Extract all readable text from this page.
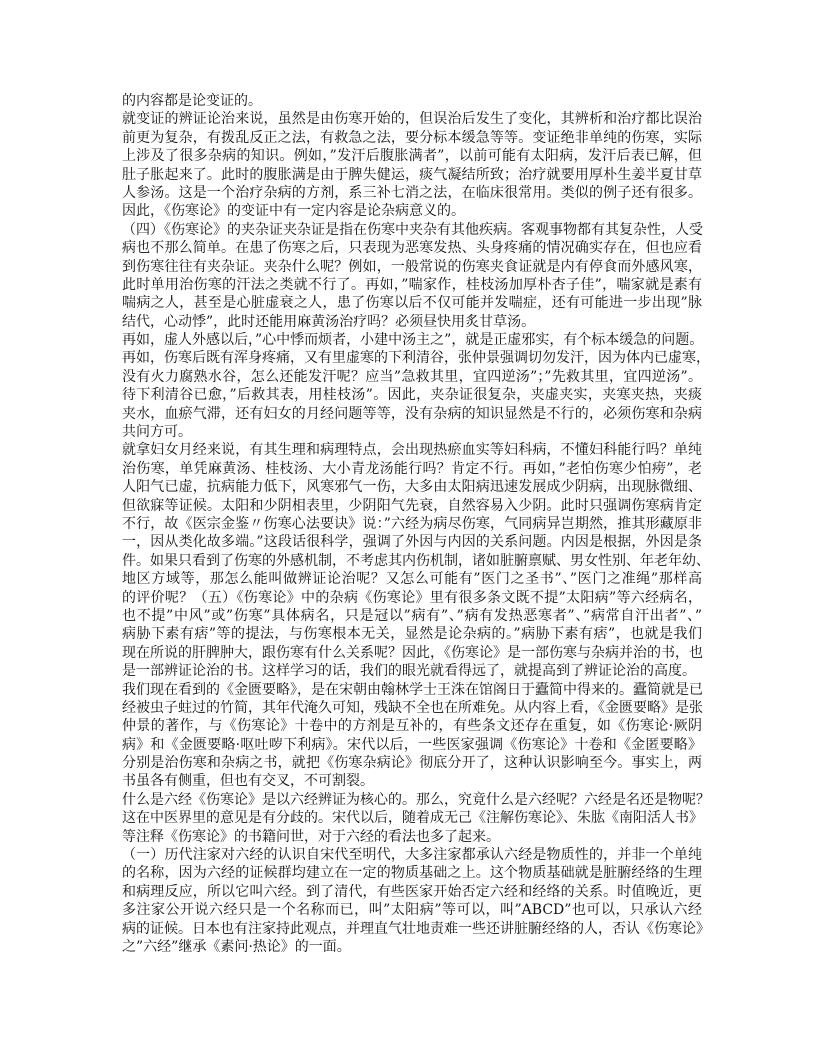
的内容都是论变证的。
就变证的辨证论治来说，虽然是由伤寒开始的，但误治后发生了变化，其辨析和治疗都比误治
前更为复杂，有拨乱反正之法，有救急之法，要分标本缓急等等。变证绝非单纯的伤寒，实际
上涉及了很多杂病的知识。例如，”发汗后腹胀满者”，以前可能有太阳病，发汗后表已解，但
肚子胀起来了。此时的腹胀满是由于脾失健运，痰气凝结所致；治疗就要用厚朴生姜半夏甘草
人参汤。这是一个治疗杂病的方剂，系三补七消之法，在临床很常用。类似的例子还有很多。
因此，《伤寒论》的变证中有一定内容是论杂病意义的。
（四）《伤寒论》的夹杂证夹杂证是指在伤寒中夹杂有其他疾病。客观事物都有其复杂性，人受
病也不那么简单。在患了伤寒之后，只表现为恶寒发热、头身疼痛的情况确实存在，但也应看
到伤寒往往有夹杂证。夹杂什么呢？例如，一般常说的伤寒夹食证就是内有停食而外感风寒，
此时单用治伤寒的汗法之类就不行了。再如，”喘家作，桂枝汤加厚朴杏子佳”，喘家就是素有
喘病之人，甚至是心脏虚衰之人，患了伤寒以后不仅可能并发喘症，还有可能进一步出现”脉
结代，心动悸”，此时还能用麻黄汤治疗吗？必须昼快用炙甘草汤。
再如，虚人外感以后，”心中悸而烦者，小建中汤主之”，就是正虚邪实，有个标本缓急的问题。
再如，伤寒后既有浑身疼痛，又有里虚寒的下利清谷，张仲景强调切勿发汗，因为体内已虚寒，
没有火力腐熟水谷，怎么还能发汗呢？应当”急救其里，宜四逆汤”；”先救其里，宜四逆汤”。
待下利清谷已愈，”后救其表，用桂枝汤”。因此，夹杂证很复杂，夹虚夹实，夹寒夹热，夹痰
夹水，血瘀气滞，还有妇女的月经问题等等，没有杂病的知识显然是不行的，必须伤寒和杂病
共问方可。
就拿妇女月经来说，有其生理和病理特点，会出现热瘀血实等妇科病，不懂妇科能行吗？单纯
治伤寒，单凭麻黄汤、桂枝汤、大小青龙汤能行吗？肯定不行。再如，”老怕伤寒少怕痨”，老
人阳气已虚，抗病能力低下，风寒邪气一伤，大多由太阳病迅速发展成少阴病，出现脉微细、
但欲寐等证候。太阳和少阴相表里，少阴阳气先衰，自然容易入少阴。此时只强调伤寒病肯定
不行，故《医宗金鉴〃伤寒心法要诀》说：”六经为病尽伤寒，气同病异岂期然，推其形藏原非
一，因从类化故多端。”这段话很科学，强调了外因与内因的关系问题。内因是根据，外因是条
件。如果只看到了伤寒的外感机制，不考虑其内伤机制，诸如脏腑禀赋、男女性别、年老年幼、
地区方域等，那怎么能叫做辨证论治呢？又怎么可能有”医门之圣书”、”医门之准绳”那样高
的评价呢？（五）《伤寒论》中的杂病《伤寒论》里有很多条文既不提”太阳病”等六经病名，
也不提”中风”或”伤寒”具体病名，只是冠以”病有”、”病有发热恶寒者”、”病常自汗出者”、”
病胁下素有痞”等的提法，与伤寒根本无关，显然是论杂病的。”病胁下素有痞”，也就是我们
现在所说的肝脾肿大，跟伤寒有什么关系呢？因此，《伤寒论》是一部伤寒与杂病并治的书，也
是一部辨证论治的书。这样学习的话，我们的眼光就看得远了，就提高到了辨证论治的高度。
我们现在看到的《金匮要略》，是在宋朝由翰林学士王洙在馆阁日于蠹简中得来的。蠹简就是已
经被虫子蛀过的竹简，其年代淹久可知，残缺不全也在所难免。从内容上看，《金匮要略》是张
仲景的著作，与《伤寒论》十卷中的方剂是互补的，有些条文还存在重复，如《伤寒论·厥阴
病》和《金匮要略·呕吐哕下利病》。宋代以后，一些医家强调《伤寒论》十卷和《金匿要略》
分别是治伤寒和杂病之书，就把《伤寒杂病论》彻底分开了，这种认识影响至今。事实上，两
书虽各有侧重，但也有交叉，不可割裂。
什么是六经《伤寒论》是以六经辨证为核心的。那么，究竟什么是六经呢？六经是名还是物呢？
这在中医界里的意见是有分歧的。宋代以后，随着成无己《注解伤寒论》、朱肱《南阳活人书》
等注释《伤寒论》的书籍问世，对于六经的看法也多了起来。
（一）历代注家对六经的认识自宋代至明代，大多注家都承认六经是物质性的，并非一个单纯
的名称，因为六经的证候群均建立在一定的物质基础之上。这个物质基础就是脏腑经络的生理
和病理反应，所以它叫六经。到了清代，有些医家开始否定六经和经络的关系。时值晚近，更
多注家公开说六经只是一个名称而已，叫”太阳病”等可以，叫”ABCD”也可以，只承认六经
病的证候。日本也有注家持此观点，并理直气壮地责难一些还讲脏腑经络的人，否认《伤寒论》
之”六经”继承《素问·热论》的一面。
